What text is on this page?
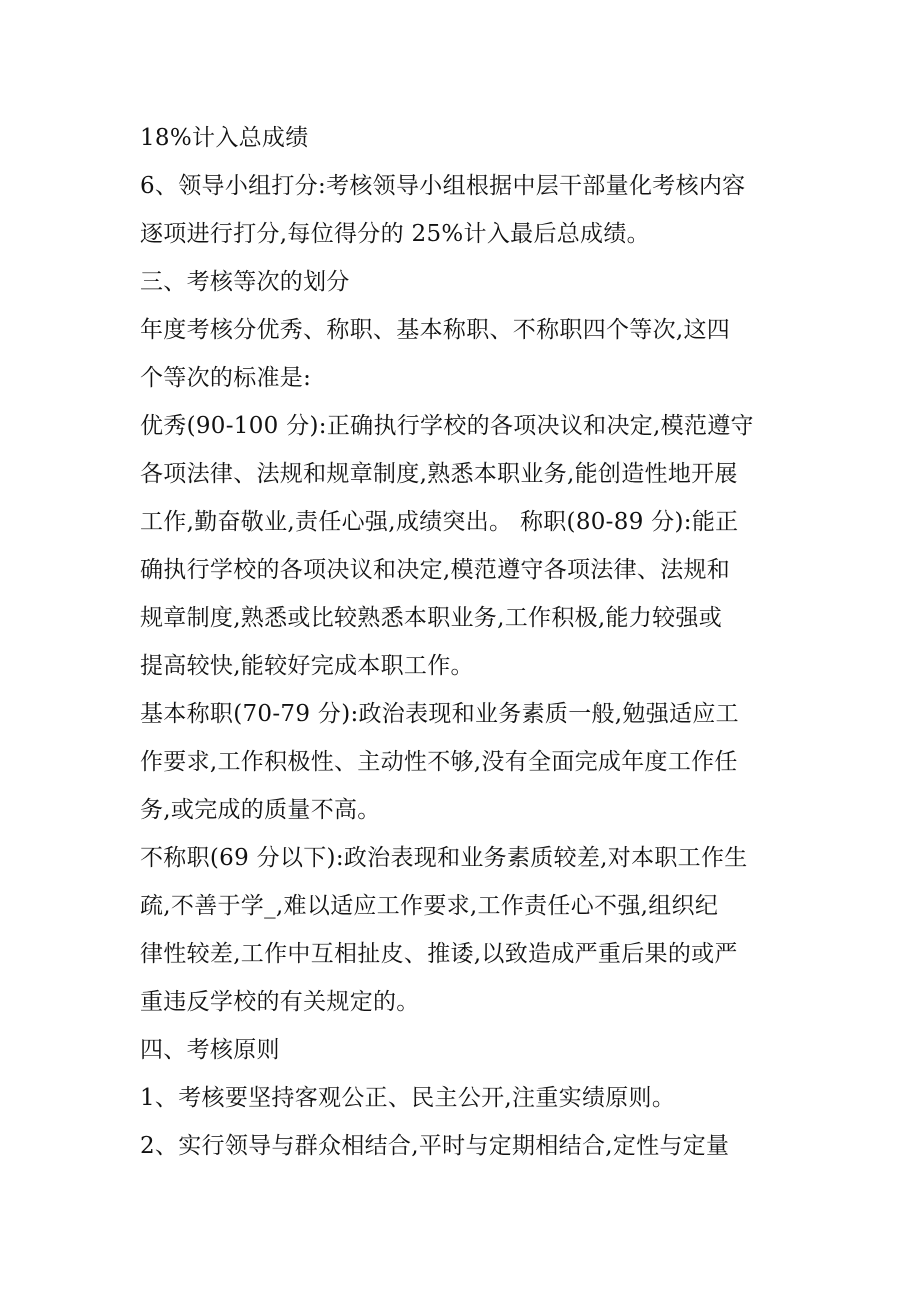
18%计入总成绩
6、领导小组打分:考核领导小组根据中层干部量化考核内容
逐项进行打分,每位得分的 25%计入最后总成绩。
三、考核等次的划分
年度考核分优秀、称职、基本称职、不称职四个等次,这四
个等次的标准是:
优秀(90-100 分):正确执行学校的各项决议和决定,模范遵守
各项法律、法规和规章制度,熟悉本职业务,能创造性地开展
工作,勤奋敬业,责任心强,成绩突出。 称职(80-89 分):能正
确执行学校的各项决议和决定,模范遵守各项法律、法规和
规章制度,熟悉或比较熟悉本职业务,工作积极,能力较强或
提高较快,能较好完成本职工作。
基本称职(70-79 分):政治表现和业务素质一般,勉强适应工
作要求,工作积极性、主动性不够,没有全面完成年度工作任
务,或完成的质量不高。
不称职(69 分以下):政治表现和业务素质较差,对本职工作生
疏,不善于学_,难以适应工作要求,工作责任心不强,组织纪
律性较差,工作中互相扯皮、推诿,以致造成严重后果的或严
重违反学校的有关规定的。
四、考核原则
1、考核要坚持客观公正、民主公开,注重实绩原则。
2、实行领导与群众相结合,平时与定期相结合,定性与定量
